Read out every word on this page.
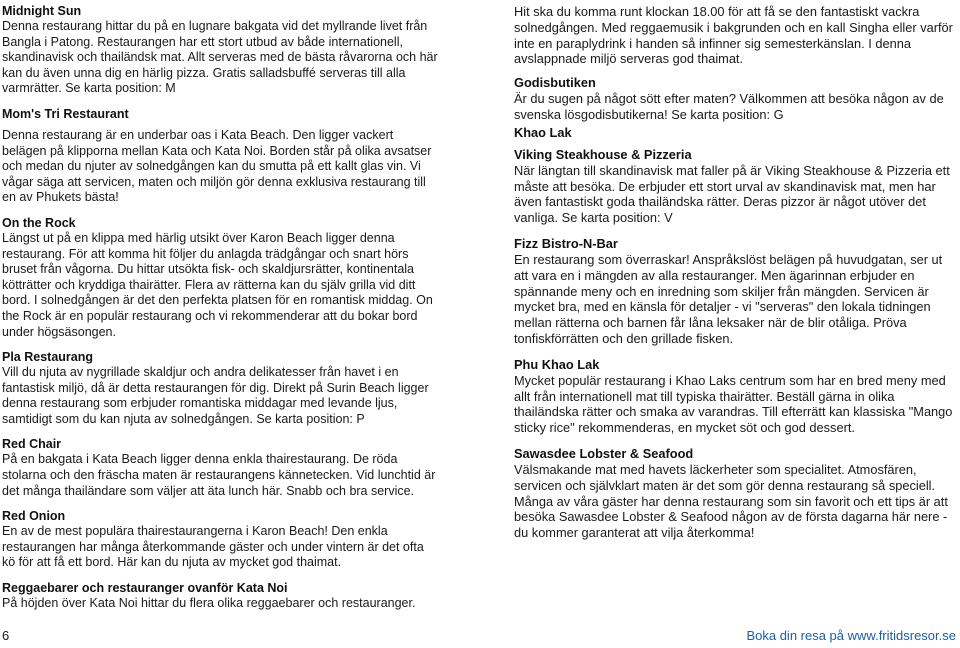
Midnight Sun

Denna restaurang hittar du på en lugnare bakgata vid det myllrande livet från Bangla i Patong. Restaurangen har ett stort utbud av både internationell, skandinavisk och thailändsk mat. Allt serveras med de bästa råvarorna och här kan du även unna dig en härlig pizza. Gratis salladsbuffé serveras till alla varmrätter. Se karta position: M

Mom's Tri Restaurant

Denna restaurang är en underbar oas i Kata Beach. Den ligger vackert belägen på klipporna mellan Kata och Kata Noi. Borden står på olika avsatser och medan du njuter av solnedgången kan du smutta på ett kallt glas vin. Vi vågar säga att servicen, maten och miljön gör denna exklusiva restaurang till en av Phukets bästa!

On the Rock

Längst ut på en klippa med härlig utsikt över Karon Beach ligger denna restaurang. För att komma hit följer du anlagda trädgångar och snart hörs bruset från vågorna. Du hittar utsökta fisk- och skaldjursrätter, kontinentala kötträtter och kryddiga thairätter. Flera av rätterna kan du själv grilla vid ditt bord. I solnedgången är det den perfekta platsen för en romantisk middag. On the Rock är en populär restaurang och vi rekommenderar att du bokar bord under högsäsongen.

Pla Restaurang

Vill du njuta av nygrillade skaldjur och andra delikatesser från havet i en fantastisk miljö, då är detta restaurangen för dig. Direkt på Surin Beach ligger denna restaurang som erbjuder romantiska middagar med levande ljus, samtidigt som du kan njuta av solnedgången. Se karta position: P

Red Chair

På en bakgata i Kata Beach ligger denna enkla thairestaurang. De röda stolarna och den fräscha maten är restaurangens kännetecken. Vid lunchtid är det många thailändare som väljer att äta lunch här. Snabb och bra service.

Red Onion

En av de mest populära thairestaurangerna i Karon Beach! Den enkla restaurangen har många återkommande gäster och under vintern är det ofta kö för att få ett bord. Här kan du njuta av mycket god thaimat.

Reggaebarer och restauranger ovanför Kata Noi

På höjden över Kata Noi hittar du flera olika reggaebarer och restauranger.

Hit ska du komma runt klockan 18.00 för att få se den fantastiskt vackra solnedgången. Med reggaemusik i bakgrunden och en kall Singha eller varför inte en paraplydrink i handen så infinner sig semesterkänslan. I denna avslappnade miljö serveras god thaimat.

Godisbutiken

Är du sugen på något sött efter maten? Välkommen att besöka någon av de svenska lösgodisbutikerna! Se karta position: G

Khao Lak

Viking Steakhouse & Pizzeria

När längtan till skandinavisk mat faller på är Viking Steakhouse & Pizzeria ett måste att besöka. De erbjuder ett stort urval av skandinavisk mat, men har även fantastiskt goda thailändska rätter. Deras pizzor är något utöver det vanliga. Se karta position: V

Fizz Bistro-N-Bar

En restaurang som överraskar! Anspråkslöst belägen på huvudgatan, ser ut att vara en i mängden av alla restauranger. Men ägarinnan erbjuder en spännande meny och en inredning som skiljer från mängden. Servicen är mycket bra, med en känsla för detaljer - vi "serveras" den lokala tidningen mellan rätterna och barnen får låna leksaker när de blir otåliga. Pröva tonfiskförrätten och den grillade fisken.

Phu Khao Lak

Mycket populär restaurang i Khao Laks centrum som har en bred meny med allt från internationell mat till typiska thairätter. Beställ gärna in olika thailändska rätter och smaka av varandras. Till efterrätt kan klassiska "Mango sticky rice" rekommenderas, en mycket söt och god dessert.

Sawasdee Lobster & Seafood

Välsmakande mat med havets läckerheter som specialitet. Atmosfären, servicen och självklart maten är det som gör denna restaurang så speciell. Många av våra gäster har denna restaurang som sin favorit och ett tips är att besöka Sawasdee Lobster & Seafood någon av de första dagarna här nere - du kommer garanterat att vilja återkomma!

6	Boka din resa på www.fritidsresor.se
